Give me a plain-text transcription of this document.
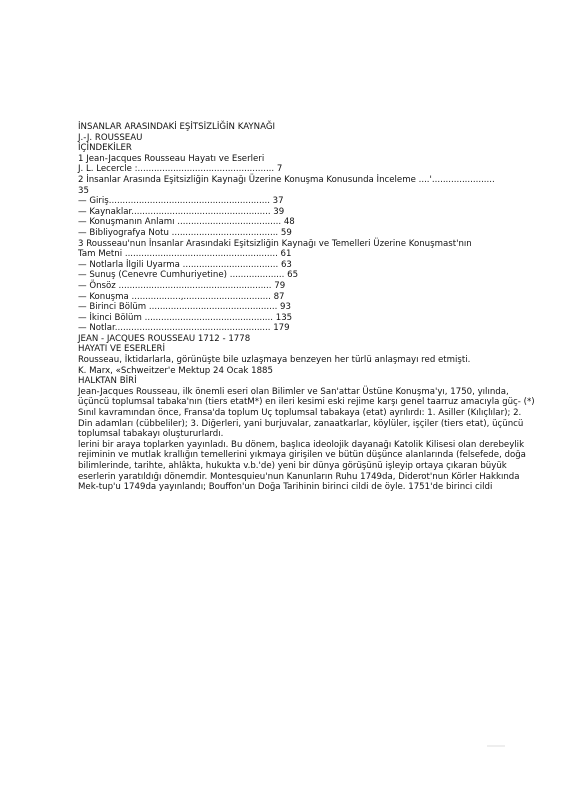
İNSANLAR ARASINDAKİ EŞİTSİZLİĞİN KAYNAĞI
J.-J. ROUSSEAU
İÇİNDEKİLER
1 Jean-Jacques Rousseau Hayatı ve Eserleri
J. L. Lecercle :.................................................. 7
2 İnsanlar Arasında Eşitsizliğin Kaynağı Üzerine Konuşma Konusunda İnceleme ....'.......................
35
— Giriş........................................................... 37
— Kaynaklar................................................... 39
— Konuşmanın Anlamı ...................................... 48
— Bibliyografya Notu ....................................... 59
3 Rousseau'nun İnsanlar Arasındaki Eşitsizliğin Kaynağı ve Temelleri Üzerine Konuşmast'nın
Tam Metni ........................................................ 61
— Notlarla İlgili Uyarma ................................... 63
— Sunuş (Cenevre Cumhuriyetine) .................... 65
— Önsöz ........................................................ 79
— Konuşma ..................,................................ 87
— Birinci Bölüm ............................................... 93
— İkinci Bölüm ............................................... 135
— Notlar......................................................... 179
JEAN - JACQUES ROUSSEAU 1712 - 1778
HAYATI VE ESERLERİ
Rousseau, İktidarlarla, görünüşte bile uzlaşmaya benzeyen her türlü anlaşmayı red etmişti.
K. Marx, «Schweitzer'e Mektup 24 Ocak 1885
HALKTAN BİRİ
Jean-Jacques Rousseau, ilk önemli eseri olan Bilimler ve San'attar Üstüne Konuşma'yı, 1750, yılında, üçüncü toplumsal tabaka'nın (tiers etatM*) en ileri kesimi eski rejime karşı genel taarruz amacıyla güç- (*) Sınıl kavramından önce, Fransa'da toplum Uç toplumsal tabakaya (etat) ayrılırdı: 1. Asiller (Kılıçlılar); 2. Din adamları (cübbeliler); 3. Diğerleri, yani burjuvalar, zanaatkarlar, köylüler, işçiler (tiers etat), üçüncü toplumsal tabakayı oluştururlardı.
lerini bir araya toplarken yayınladı. Bu dönem, başlıca ideolojik dayanağı Katolik Kilisesi olan derebeylik rejiminin ve mutlak krallığın temellerini yıkmaya girişilen ve bütün düşünce alanlarında (felsefede, doğa bilimlerinde, tarihte, ahlâkta, hukukta v.b.'de) yeni bir dünya görüşünü işleyip ortaya çıkaran büyük eserlerin yaratıldığı dönemdir. Montesquieu'nun Kanunların Ruhu 1749da, Diderot'nun Körler Hakkında Mek-tup'u 1749da yayınlandı; Bouffon'un Doğa Tarihinin birinci cildi de öyle. 1751'de birinci cildi
